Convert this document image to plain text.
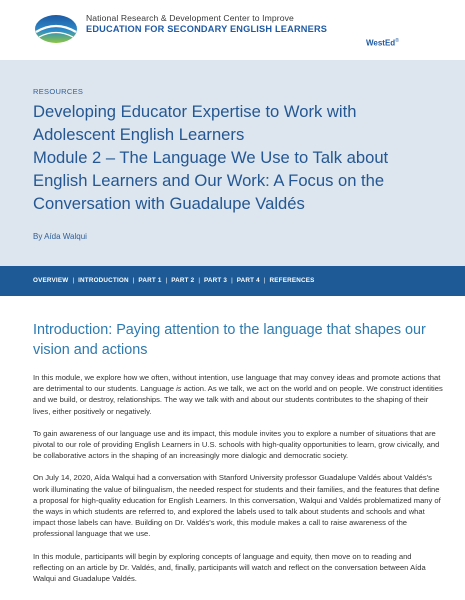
National Research & Development Center to Improve
EDUCATION FOR SECONDARY ENGLISH LEARNERS
WestEd®
RESOURCES
Developing Educator Expertise to Work with
Adolescent English Learners
Module 2 – The Language We Use to Talk about
English Learners and Our Work: A Focus on the
Conversation with Guadalupe Valdés
By Aída Walqui
OVERVIEW | INTRODUCTION | PART 1 | PART 2 | PART 3 | PART 4 | REFERENCES
Introduction: Paying attention to the language that shapes our vision and actions

In this module, we explore how we often, without intention, use language that may convey ideas and promote actions that are detrimental to our students. Language is action. As we talk, we act on the world and on people. We construct identities and we build, or destroy, relationships. The way we talk with and about our students contributes to the shaping of their lives, either positively or negatively.

To gain awareness of our language use and its impact, this module invites you to explore a number of situations that are pivotal to our role of providing English Learners in U.S. schools with high-quality opportunities to learn, grow civically, and be collaborative actors in the shaping of an increasingly more dialogic and democratic society.

On July 14, 2020, Aída Walqui had a conversation with Stanford University professor Guadalupe Valdés about Valdés's work illuminating the value of bilingualism, the needed respect for students and their families, and the features that define a proposal for high-quality education for English Learners. In this conversation, Walqui and Valdés problematized many of the ways in which students are referred to, and explored the labels used to talk about students and schools and what impact those labels can have. Building on Dr. Valdés's work, this module makes a call to raise awareness of the professional language that we use.

In this module, participants will begin by exploring concepts of language and equity, then move on to reading and reflecting on an article by Dr. Valdés, and, finally, participants will watch and reflect on the conversation between Aída Walqui and Guadalupe Valdés.
